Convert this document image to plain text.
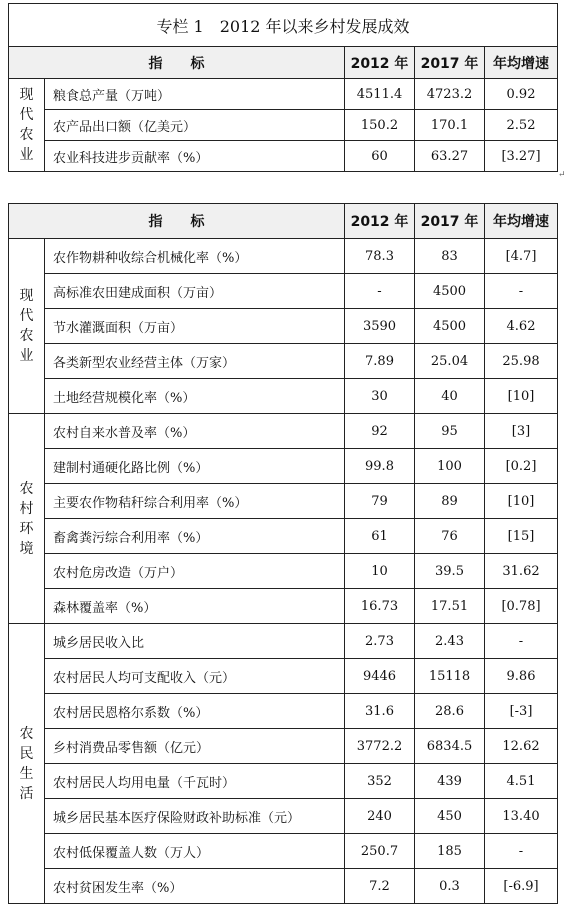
专栏 1　2012 年以来乡村发展成效				
指　　标		2012 年	2017 年	年均增速

现
代
农
业	粮食总产量（万吨）	4511.4	4723.2	0.92
	农产品出口额（亿美元）	150.2	170.1	2.52
	农业科技进步贡献率（%）	60	63.27	[3.27]
↵
指　　标		2012 年	2017 年	年均增速

现
代
农
业	农作物耕种收综合机械化率（%）	78.3	83	[4.7]
	高标准农田建成面积（万亩）	-	4500	-
	节水灌溉面积（万亩）	3590	4500	4.62
	各类新型农业经营主体（万家）	7.89	25.04	25.98
	土地经营规模化率（%）	30	40	[10]

农
村
环
境	农村自来水普及率（%）	92	95	[3]
	建制村通硬化路比例（%）	99.8	100	[0.2]
	主要农作物秸秆综合利用率（%）	79	89	[10]
	畜禽粪污综合利用率（%）	61	76	[15]
	农村危房改造（万户）	10	39.5	31.62
	森林覆盖率（%）	16.73	17.51	[0.78]

农
民
生
活	城乡居民收入比	2.73	2.43	-
	农村居民人均可支配收入（元）	9446	15118	9.86
	农村居民恩格尔系数（%）	31.6	28.6	[-3]
	乡村消费品零售额（亿元）	3772.2	6834.5	12.62
	农村居民人均用电量（千瓦时）	352	439	4.51
	城乡居民基本医疗保险财政补助标准（元）	240	450	13.40
	农村低保覆盖人数（万人）	250.7	185	-
	农村贫困发生率（%）	7.2	0.3	[-6.9]
